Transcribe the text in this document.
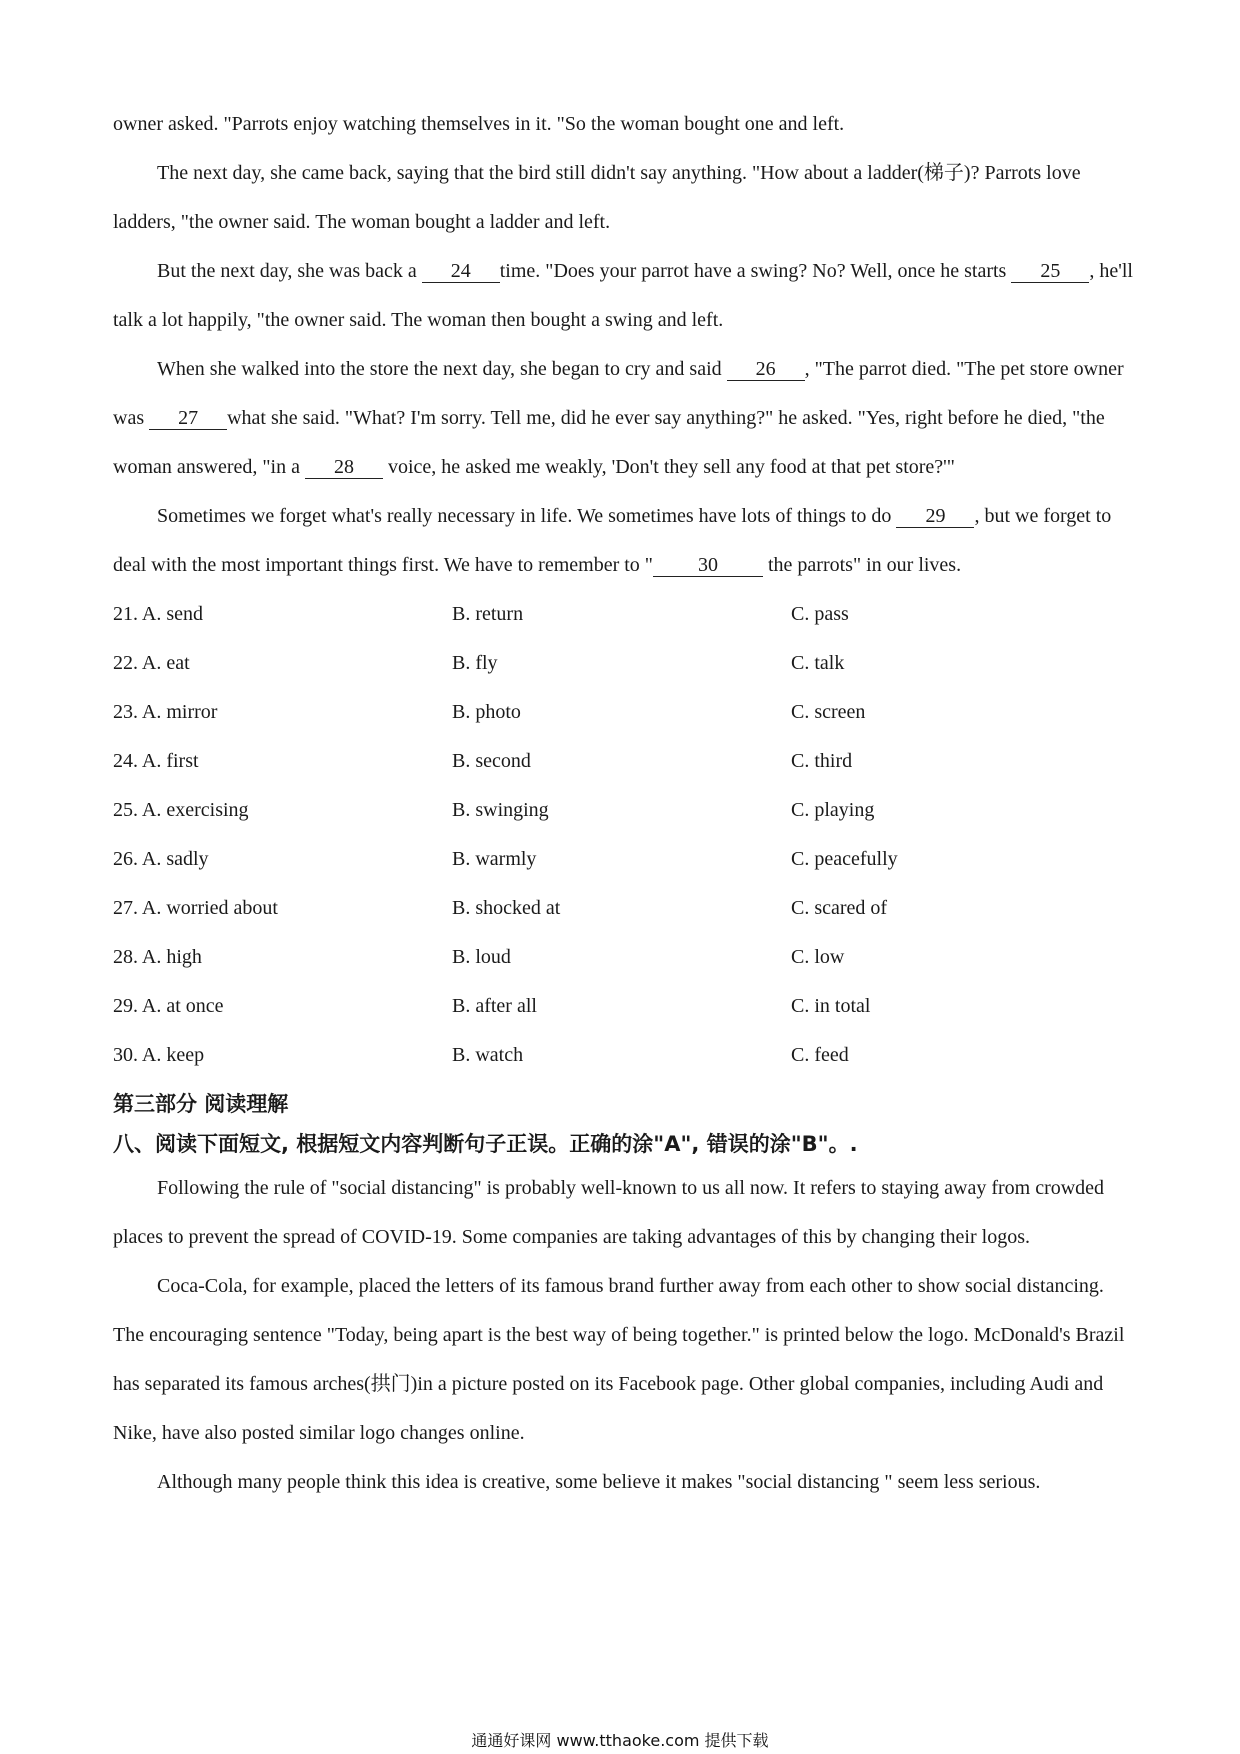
owner asked. "Parrots enjoy watching themselves in it. "So the woman bought one and left.

The next day, she came back, saying that the bird still didn't say anything. "How about a ladder(梯子)? Parrots love ladders, "the owner said. The woman bought a ladder and left.

But the next day, she was back a 24 time. "Does your parrot have a swing? No? Well, once he starts 25 , he'll talk a lot happily, "the owner said. The woman then bought a swing and left.

When she walked into the store the next day, she began to cry and said 26 , "The parrot died. "The pet store owner was 27 what she said. "What? I'm sorry. Tell me, did he ever say anything?" he asked. "Yes, right before he died, "the woman answered, "in a 28 voice, he asked me weakly, 'Don't they sell any food at that pet store?'"

Sometimes we forget what's really necessary in life. We sometimes have lots of things to do 29 , but we forget to deal with the most important things first. We have to remember to " 30 the parrots" in our lives.

21. A. send	B. return	C. pass
22. A. eat	B. fly	C. talk
23. A. mirror	B. photo	C. screen
24. A. first	B. second	C. third
25. A. exercising	B. swinging	C. playing
26. A. sadly	B. warmly	C. peacefully
27. A. worried about	B. shocked at	C. scared of
28. A. high	B. loud	C. low
29. A. at once	B. after all	C. in total
30. A. keep	B. watch	C. feed

第三部分 阅读理解

八、阅读下面短文, 根据短文内容判断句子正误。正确的涂"A", 错误的涂"B"。.

Following the rule of "social distancing" is probably well-known to us all now. It refers to staying away from crowded places to prevent the spread of COVID-19. Some companies are taking advantages of this by changing their logos.

Coca-Cola, for example, placed the letters of its famous brand further away from each other to show social distancing. The encouraging sentence "Today, being apart is the best way of being together." is printed below the logo. McDonald's Brazil has separated its famous arches(拱门)in a picture posted on its Facebook page. Other global companies, including Audi and Nike, have also posted similar logo changes online.

Although many people think this idea is creative, some believe it makes "social distancing " seem less serious.

通通好课网 www.tthaoke.com 提供下载
